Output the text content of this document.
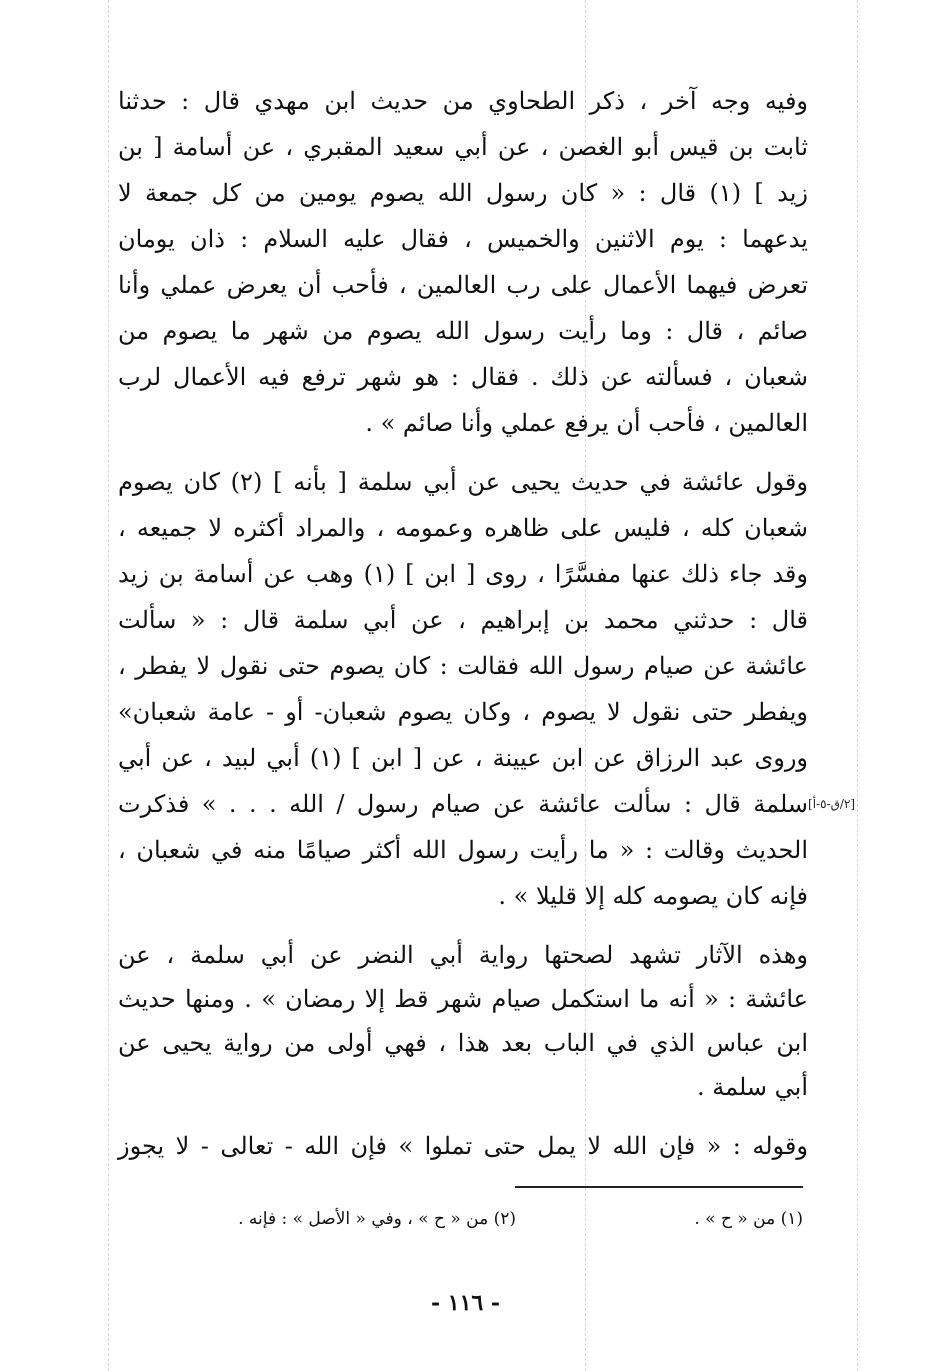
وفيه وجه آخر ، ذكر الطحاوي من حديث ابن مهدي قال : حدثنا
ثابت بن قيس أبو الغصن ، عن أبي سعيد المقبري ، عن أسامة [ بن
زيد ] (١) قال : « كان رسول الله يصوم يومين من كل جمعة لا
يدعهما : يوم الاثنين والخميس ، فقال عليه السلام : ذان يومان
تعرض فيهما الأعمال على رب العالمين ، فأحب أن يعرض عملي وأنا
صائم ، قال : وما رأيت رسول الله يصوم من شهر ما يصوم من
شعبان ، فسألته عن ذلك . فقال : هو شهر ترفع فيه الأعمال لرب
العالمين ، فأحب أن يرفع عملي وأنا صائم » .
وقول عائشة في حديث يحيى عن أبي سلمة [ بأنه ] (٢) كان يصوم
شعبان كله ، فليس على ظاهره وعمومه ، والمراد أكثره لا جميعه ،
وقد جاء ذلك عنها مفسَّرًا ، روى [ ابن ] (١) وهب عن أسامة بن زيد
قال : حدثني محمد بن إبراهيم ، عن أبي سلمة قال : « سألت
عائشة عن صيام رسول الله فقالت : كان يصوم حتى نقول لا يفطر ،
ويفطر حتى نقول لا يصوم ، وكان يصوم شعبان- أو - عامة شعبان»
وروى عبد الرزاق عن ابن عيينة ، عن [ ابن ] (١) أبي لبيد ، عن أبي
سلمة قال : سألت عائشة عن صيام رسول / الله . . . » فذكرت
الحديث وقالت : « ما رأيت رسول الله أكثر صيامًا منه في شعبان ،
فإنه كان يصومه كله إلا قليلا » .
[٢/ق-٥-أ]
وهذه الآثار تشهد لصحتها رواية أبي النضر عن أبي سلمة ، عن
عائشة : « أنه ما استكمل صيام شهر قط إلا رمضان » . ومنها حديث
ابن عباس الذي في الباب بعد هذا ، فهي أولى من رواية يحيى عن
أبي سلمة .
وقوله : « فإن الله لا يمل حتى تملوا » فإن الله - تعالى - لا يجوز
(١) من « ح » .
(٢) من « ح » ، وفي « الأصل » : فإنه .
- ١١٦ -
